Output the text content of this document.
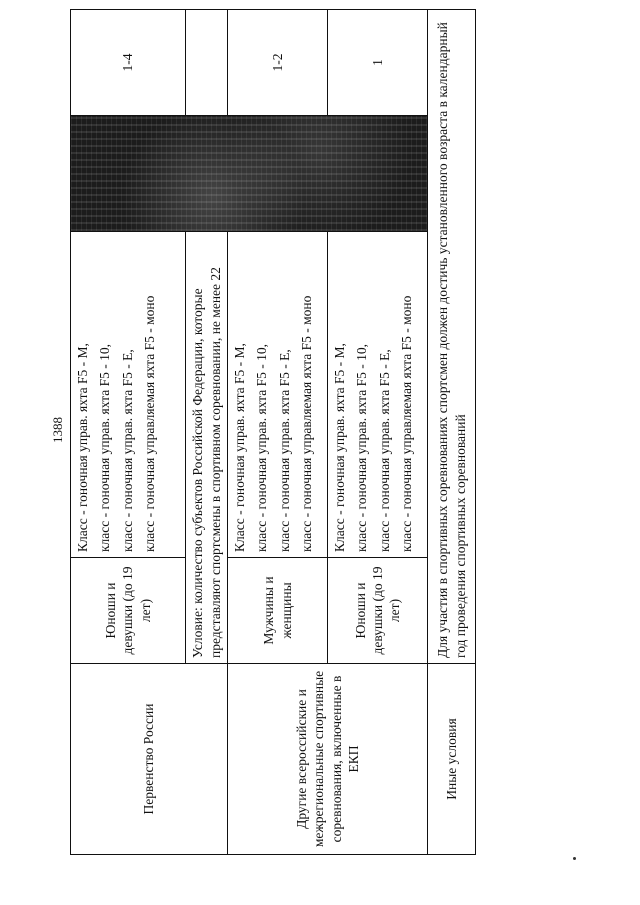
1388
Первенство России	Юноши и девушки (до 19 лет)	Класс - гоночная управ. яхта F5 - M, класс - гоночная управ. яхта F5 - 10, класс - гоночная управ. яхта F5 - E, класс - гоночная управляемая яхта F5 - моно		1-4
	Условие: количество субъектов Российской Федерации, которые представляют спортсмены в спортивном соревновании, не менее 22			
Другие всероссийские и межрегиональные спортивные соревнования, включенные в ЕКП	Мужчины и женщины	Класс - гоночная управ. яхта F5 - M, класс - гоночная управ. яхта F5 - 10, класс - гоночная управ. яхта F5 - E, класс - гоночная управляемая яхта F5 - моно		1-2
	Юноши и девушки (до 19 лет)	Класс - гоночная управ. яхта F5 - M, класс - гоночная управ. яхта F5 - 10, класс - гоночная управ. яхта F5 - E, класс - гоночная управляемая яхта F5 - моно		1
Иные условия	Для участия в спортивных соревнованиях спортсмен должен достичь установленного возраста в календарный год проведения спортивных соревнований			
